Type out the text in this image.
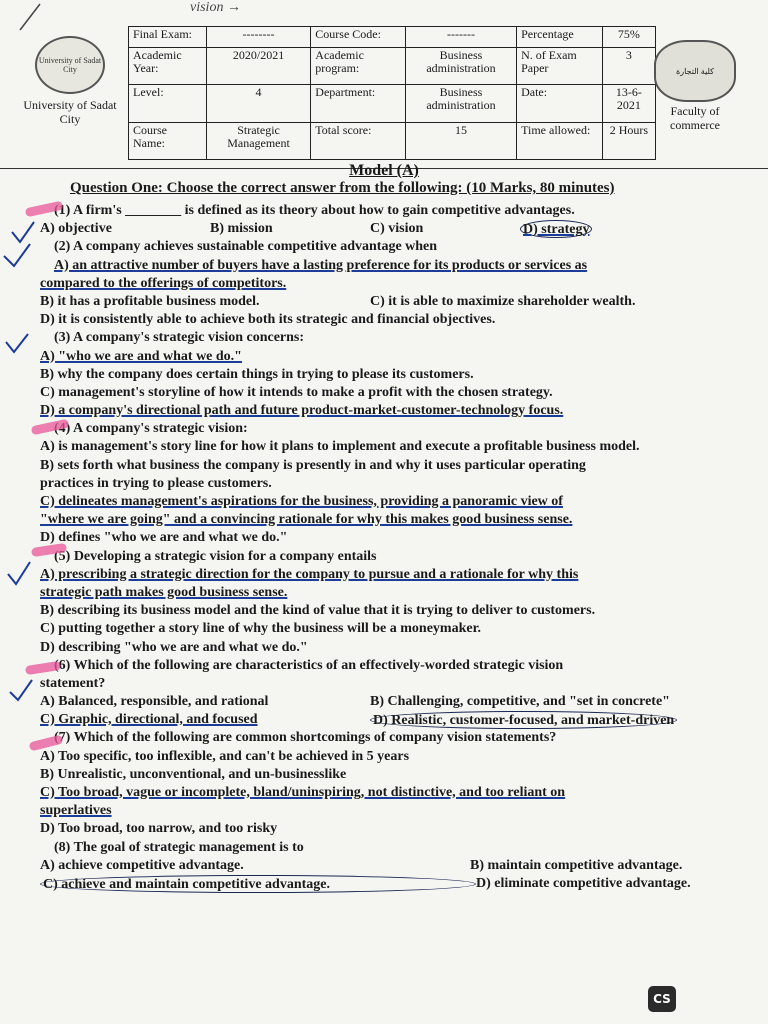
vision →
University of Sadat City
University of Sadat City
Final Exam:	--------	Course Code:	-------	Percentage	75%
Academic Year:	2020/2021	Academic program:	Business administration	N. of Exam Paper	3
Level:	4	Department:	Business administration	Date:	13-6-2021
Course Name:	Strategic Management	Total score:	15	Time allowed:	2 Hours
كلية التجارة
Faculty of commerce
Model (A)
Question One: Choose the correct answer from the following: (10 Marks, 80 minutes)
(1) A firm's ________ is defined as its theory about how to gain competitive advantages.
A) objective	B) mission	C) vision	D) strategy
(2) A company achieves sustainable competitive advantage when
A) an attractive number of buyers have a lasting preference for its products or services as
compared to the offerings of competitors.
B) it has a profitable business model.	C) it is able to maximize shareholder wealth.
D) it is consistently able to achieve both its strategic and financial objectives.
(3) A company's strategic vision concerns:
A) "who we are and what we do."
B) why the company does certain things in trying to please its customers.
C) management's storyline of how it intends to make a profit with the chosen strategy.
D) a company's directional path and future product-market-customer-technology focus.
(4) A company's strategic vision:
A) is management's story line for how it plans to implement and execute a profitable business model.
B) sets forth what business the company is presently in and why it uses particular operating
practices in trying to please customers.
C) delineates management's aspirations for the business, providing a panoramic view of
"where we are going" and a convincing rationale for why this makes good business sense.
D) defines "who we are and what we do."
(5) Developing a strategic vision for a company entails
A) prescribing a strategic direction for the company to pursue and a rationale for why this
strategic path makes good business sense.
B) describing its business model and the kind of value that it is trying to deliver to customers.
C) putting together a story line of why the business will be a moneymaker.
D) describing "who we are and what we do."
(6) Which of the following are characteristics of an effectively-worded strategic vision
statement?
A) Balanced, responsible, and rational	B) Challenging, competitive, and "set in concrete"
C) Graphic, directional, and focused	D) Realistic, customer-focused, and market-driven
(7) Which of the following are common shortcomings of company vision statements?
A) Too specific, too inflexible, and can't be achieved in 5 years
B) Unrealistic, unconventional, and un-businesslike
C) Too broad, vague or incomplete, bland/uninspiring, not distinctive, and too reliant on
superlatives
D) Too broad, too narrow, and too risky
(8) The goal of strategic management is to
A) achieve competitive advantage.	B) maintain competitive advantage.
C) achieve and maintain competitive advantage.	D) eliminate competitive advantage.
CS
